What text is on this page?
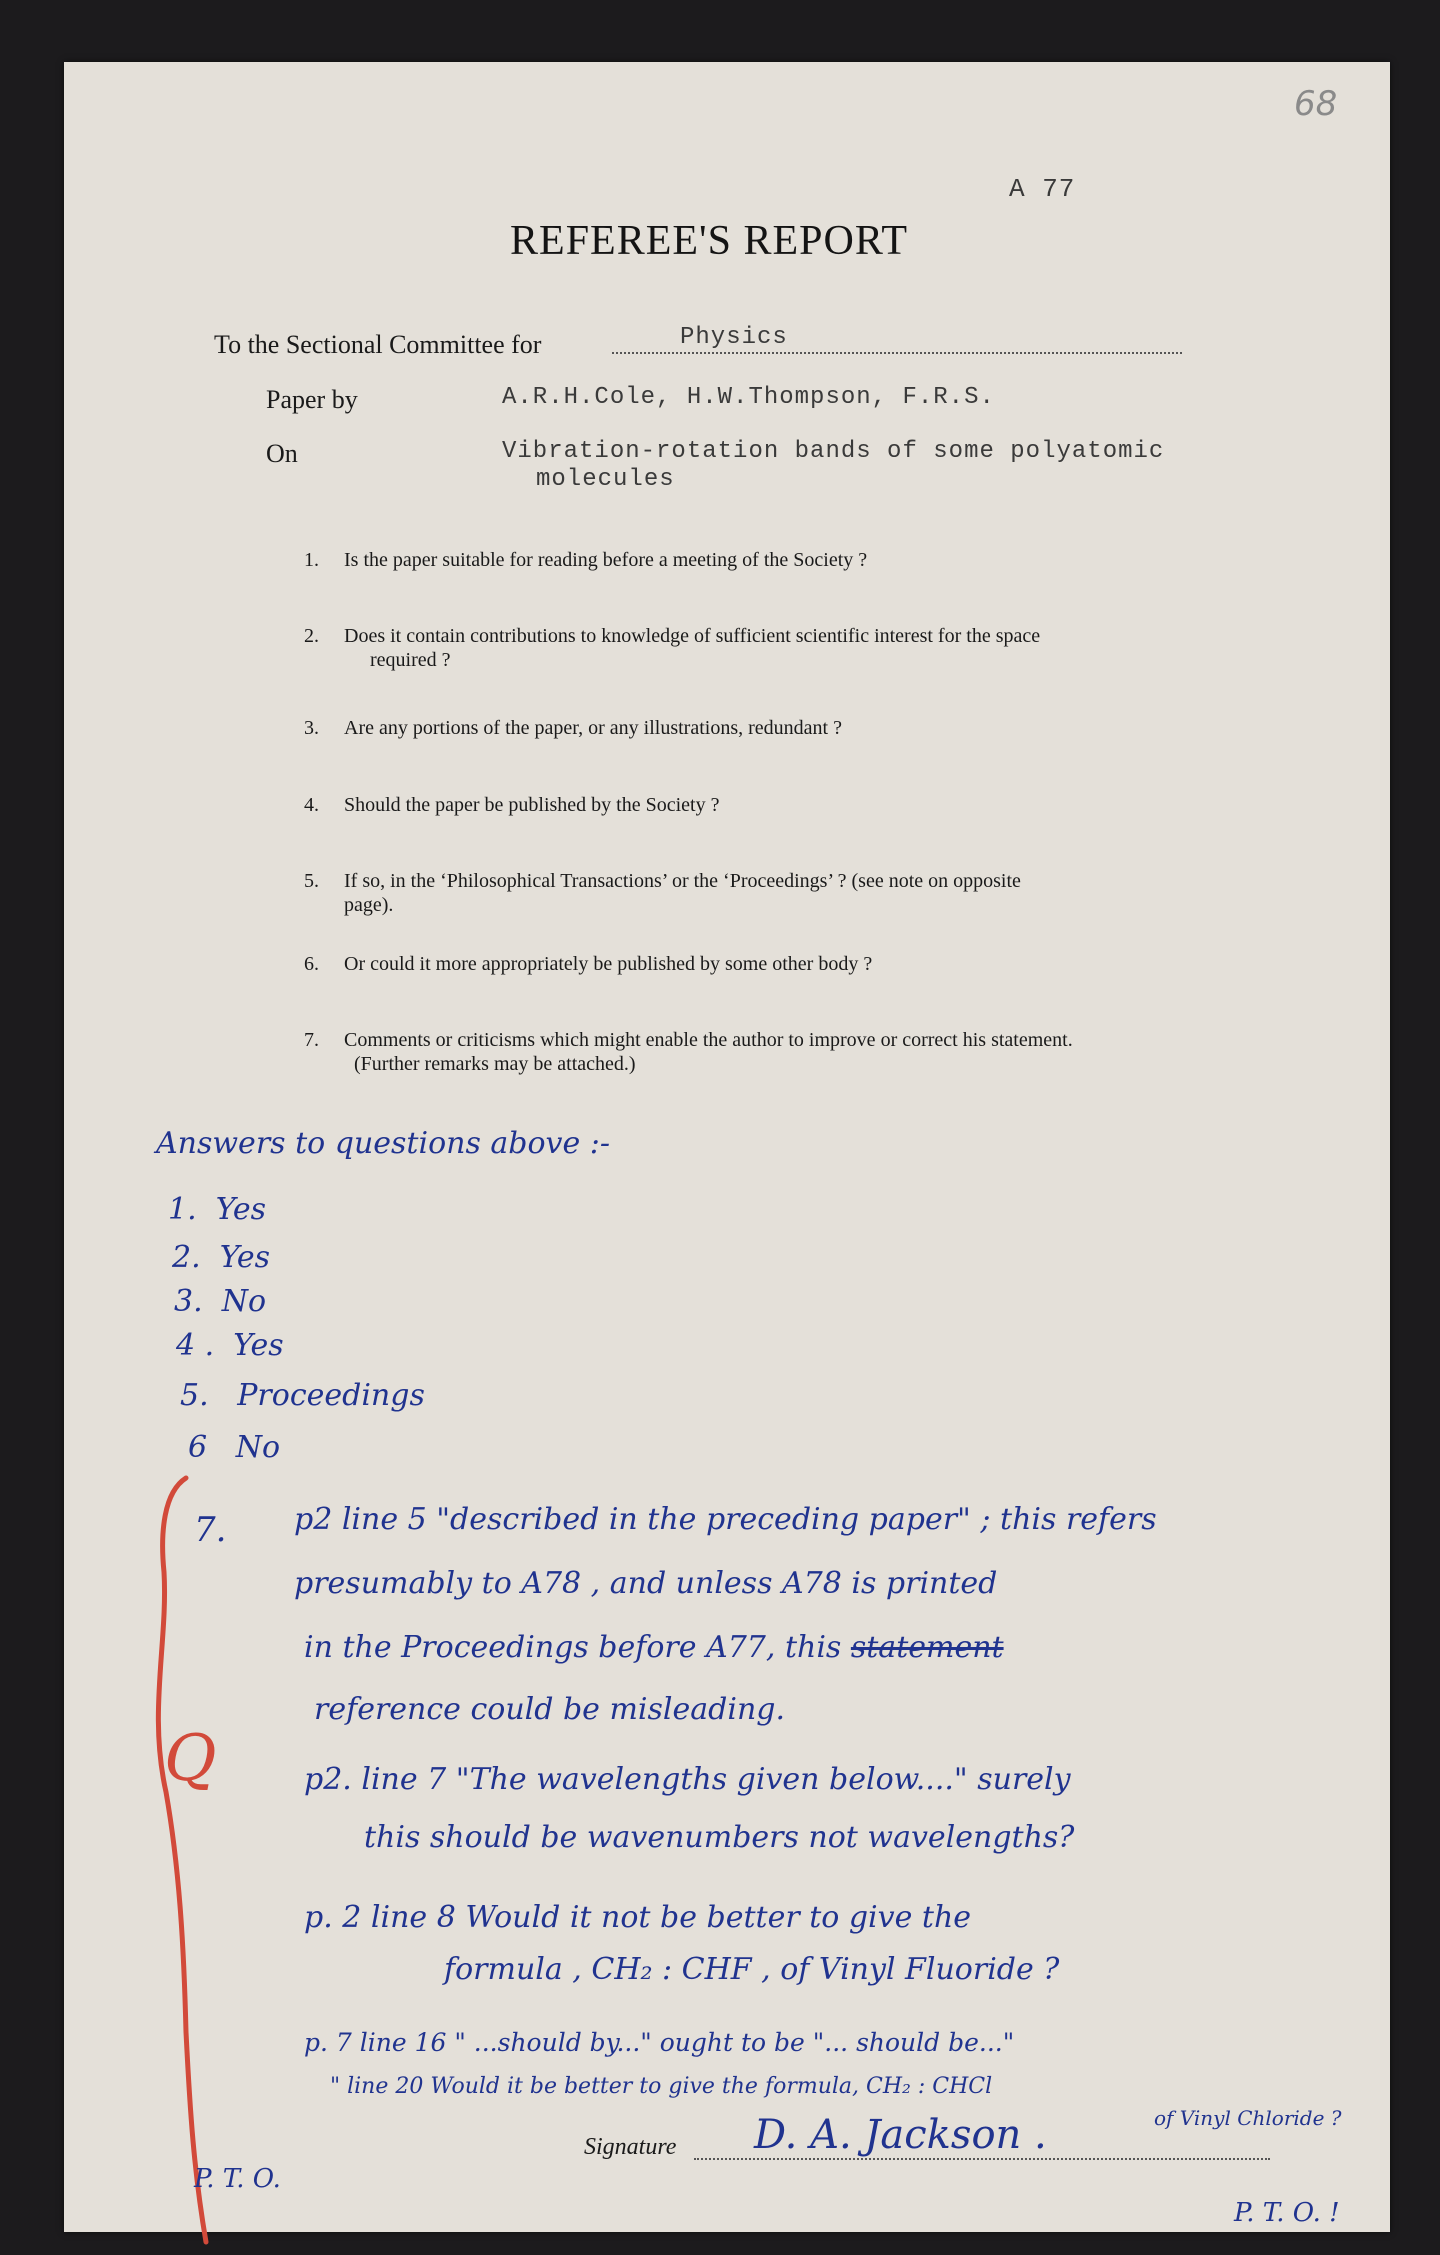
68
A 77
REFEREE'S REPORT
To the Sectional Committee for	Physics
Paper by	A.R.H.Cole, H.W.Thompson, F.R.S.
On	Vibration-rotation bands of some polyatomic
molecules
1. Is the paper suitable for reading before a meeting of the Society ?
2. Does it contain contributions to knowledge of sufficient scientific interest for the space
required ?
3. Are any portions of the paper, or any illustrations, redundant ?
4. Should the paper be published by the Society ?
5. If so, in the ‘Philosophical Transactions’ or the ‘Proceedings’ ? (see note on opposite
page).
6. Or could it more appropriately be published by some other body ?
7. Comments or criticisms which might enable the author to improve or correct his statement.
(Further remarks may be attached.)
Answers to questions above :-
1. Yes
2. Yes
3. No
4 . Yes
5. Proceedings
6 No
Q
7. p2 line 5 "described in the preceding paper" ; this refers
presumably to A78 , and unless A78 is printed
in the Proceedings before A77, this statement
reference could be misleading.
p2. line 7 "The wavelengths given below...." surely
this should be wavenumbers not wavelengths?
p. 2 line 8 Would it not be better to give the
formula , CH₂ : CHF , of Vinyl Fluoride ?
p. 7 line 16 " ...should by..." ought to be "... should be..."
" line 20 Would it be better to give the formula, CH₂ : CHCl
of Vinyl Chloride ?
Signature D. A. Jackson .
P. T. O.
P. T. O. !
